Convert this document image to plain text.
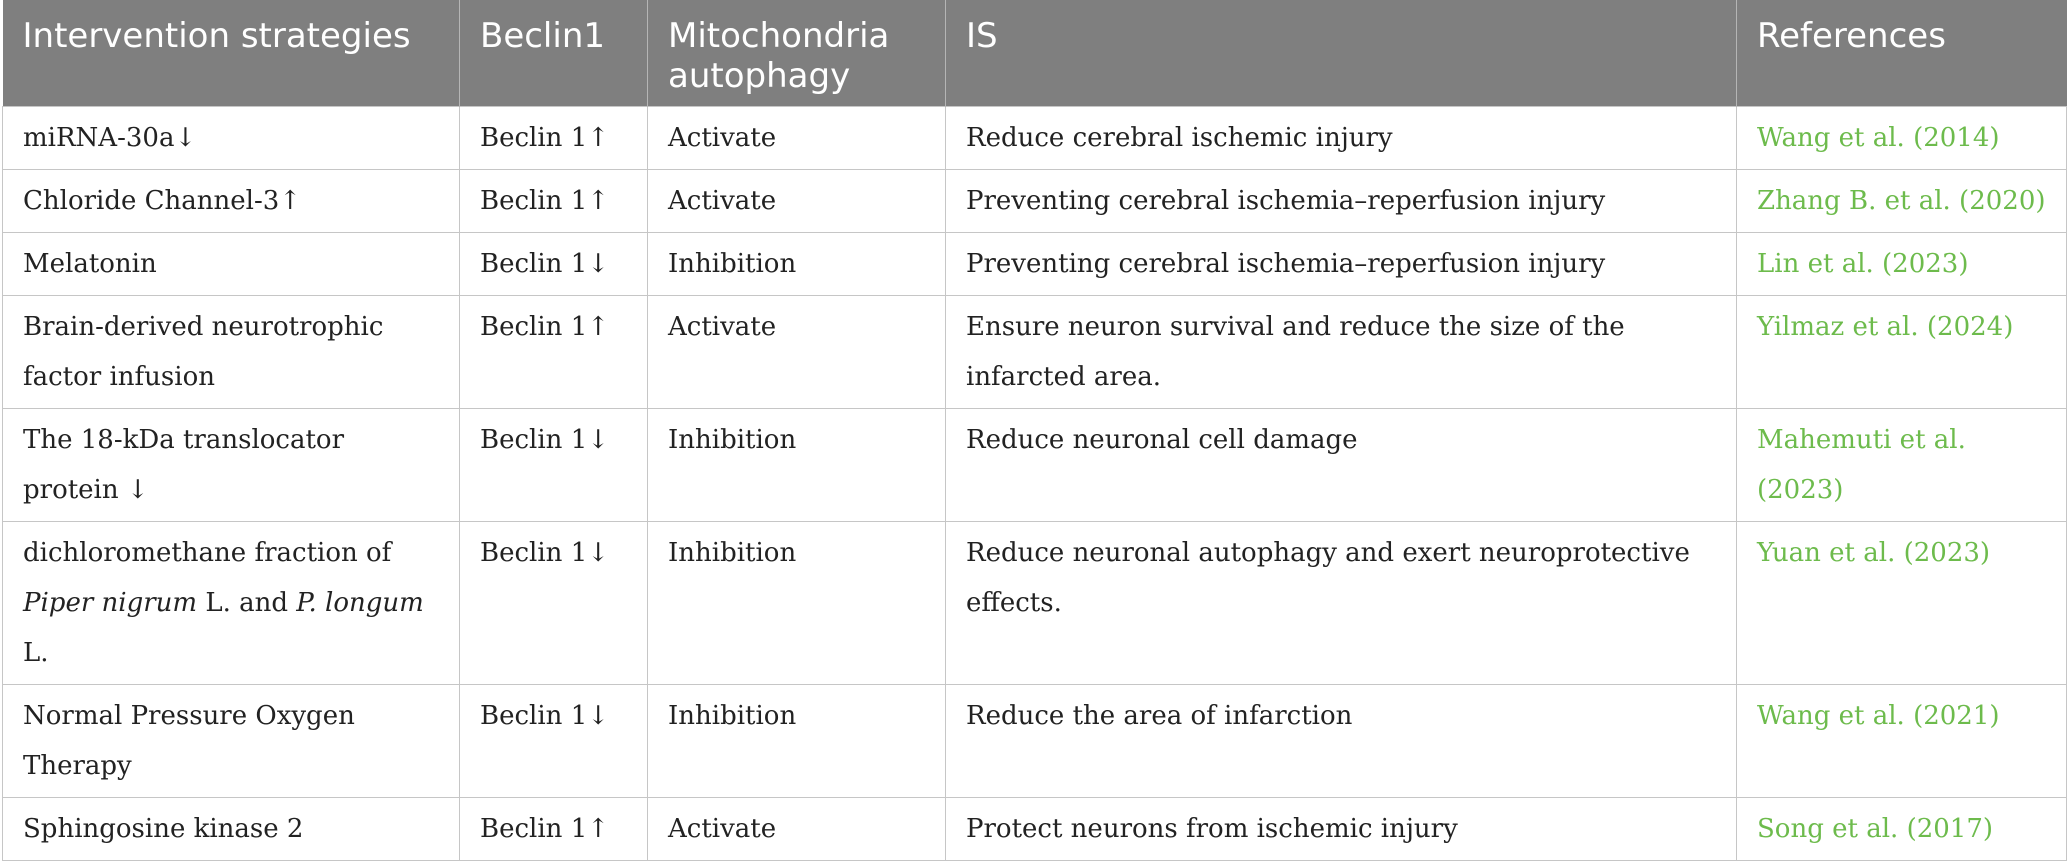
Intervention strategies	Beclin1	Mitochondria autophagy	IS	References
miRNA-30a↓	Beclin 1↑	Activate	Reduce cerebral ischemic injury	Wang et al. (2014)
Chloride Channel-3↑	Beclin 1↑	Activate	Preventing cerebral ischemia–reperfusion injury	Zhang B. et al. (2020)
Melatonin	Beclin 1↓	Inhibition	Preventing cerebral ischemia–reperfusion injury	Lin et al. (2023)
Brain-derived neurotrophic factor infusion	Beclin 1↑	Activate	Ensure neuron survival and reduce the size of the infarcted area.	Yilmaz et al. (2024)
The 18-kDa translocator protein ↓	Beclin 1↓	Inhibition	Reduce neuronal cell damage	Mahemuti et al. (2023)
dichloromethane fraction of Piper nigrum L. and P. longum L.	Beclin 1↓	Inhibition	Reduce neuronal autophagy and exert neuroprotective effects.	Yuan et al. (2023)
Normal Pressure Oxygen Therapy	Beclin 1↓	Inhibition	Reduce the area of infarction	Wang et al. (2021)
Sphingosine kinase 2	Beclin 1↑	Activate	Protect neurons from ischemic injury	Song et al. (2017)
